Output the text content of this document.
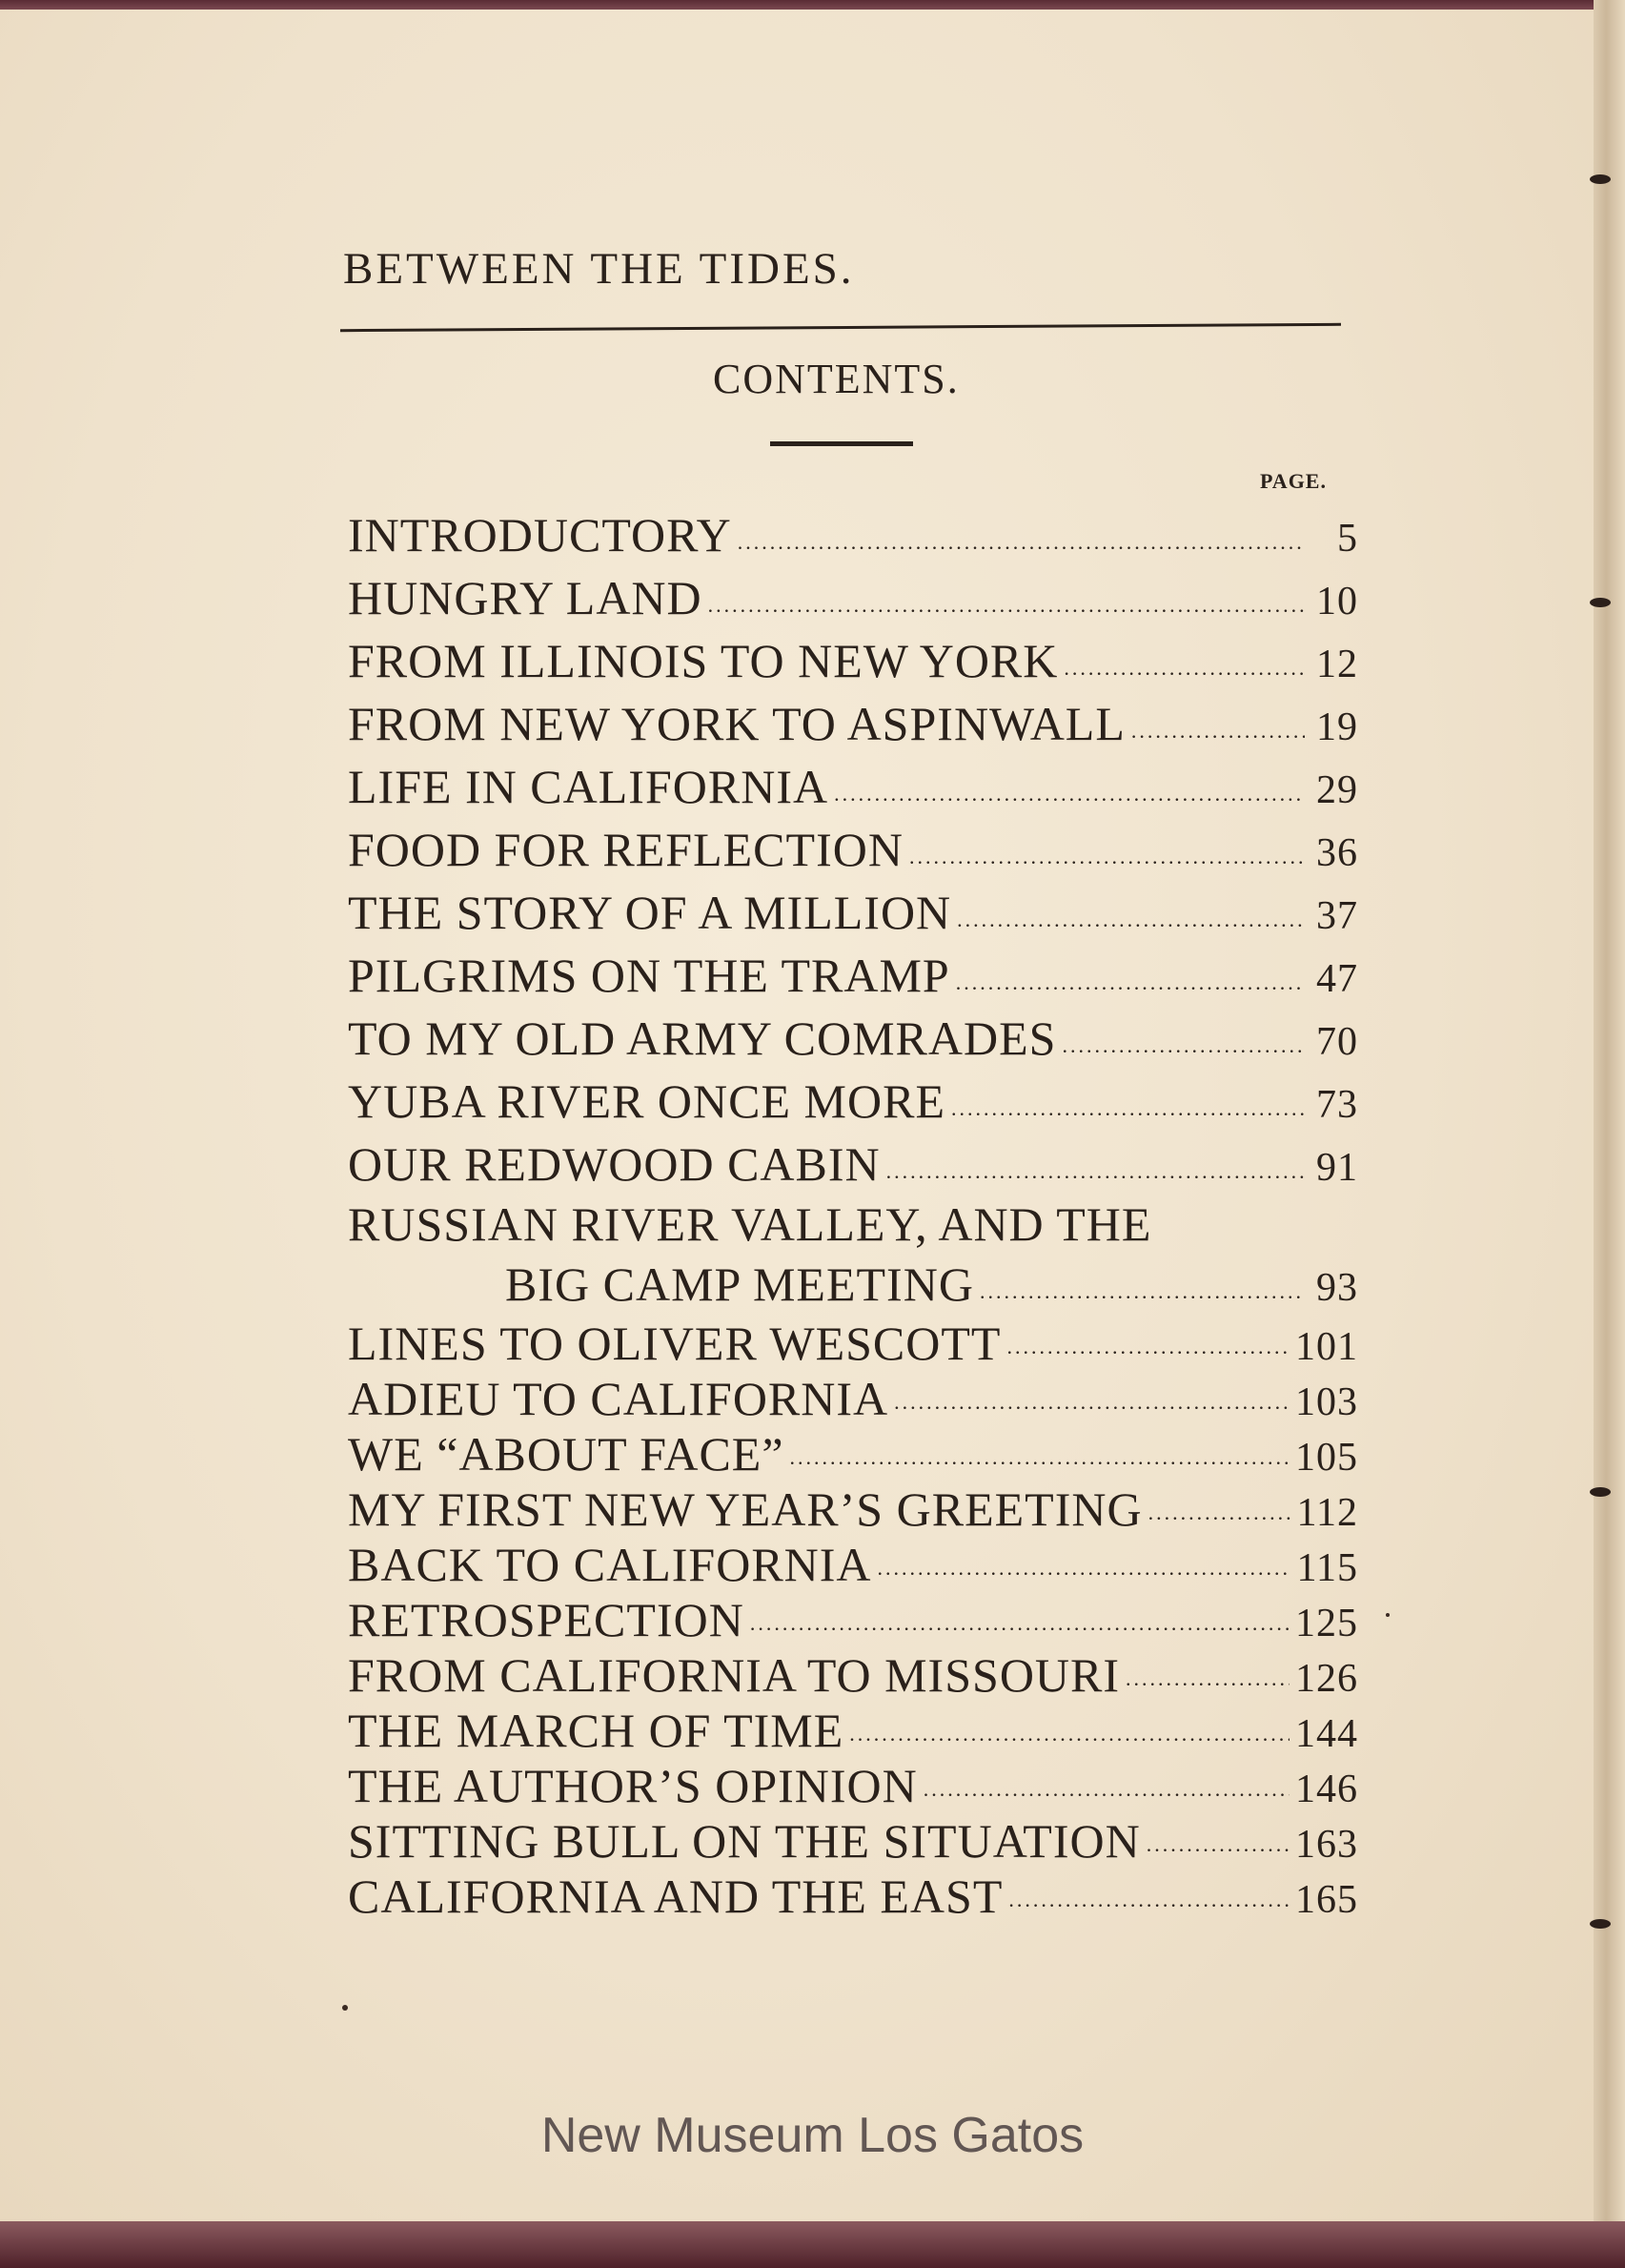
BETWEEN THE TIDES.
CONTENTS.
PAGE.
INTRODUCTORY .....	5
HUNGRY LAND .....	10
FROM ILLINOIS TO NEW YORK .....	12
FROM NEW YORK TO ASPINWALL .....	19
LIFE IN CALIFORNIA .....	29
FOOD FOR REFLECTION .....	36
THE STORY OF A MILLION .....	37
PILGRIMS ON THE TRAMP .....	47
TO MY OLD ARMY COMRADES .....	70
YUBA RIVER ONCE MORE .....	73
OUR REDWOOD CABIN .....	91
RUSSIAN RIVER VALLEY, AND THE
BIG CAMP MEETING .....	93
LINES TO OLIVER WESCOTT .....	101
ADIEU TO CALIFORNIA .....	103
WE “ABOUT FACE” .....	105
MY FIRST NEW YEAR’S GREETING .....	112
BACK TO CALIFORNIA .....	115
RETROSPECTION .....	125
FROM CALIFORNIA TO MISSOURI .....	126
THE MARCH OF TIME .....	144
THE AUTHOR’S OPINION .....	146
SITTING BULL ON THE SITUATION .....	163
CALIFORNIA AND THE EAST .....	165
New Museum Los Gatos
